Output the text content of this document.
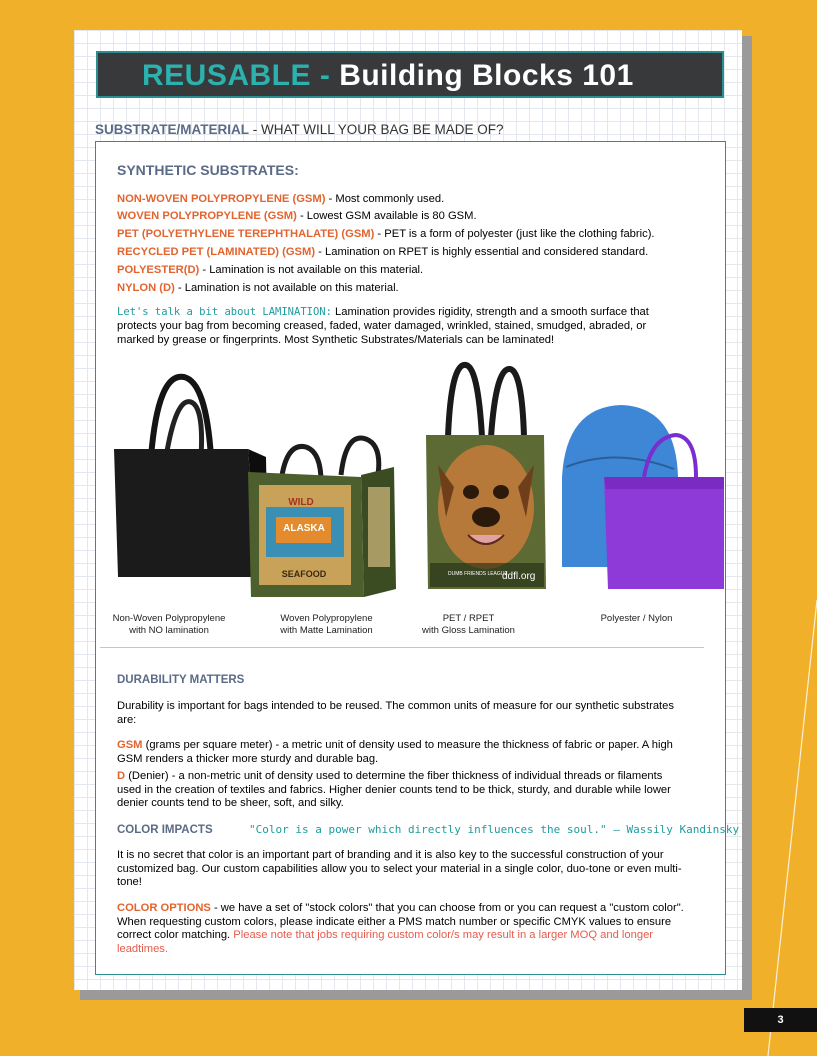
REUSABLE - Building Blocks 101
SUBSTRATE/MATERIAL - WHAT WILL YOUR BAG BE MADE OF?
SYNTHETIC SUBSTRATES:
NON-WOVEN POLYPROPYLENE (GSM) - Most commonly used.
WOVEN POLYPROPYLENE (GSM) - Lowest GSM available is 80 GSM.
PET (POLYETHYLENE TEREPHTHALATE) (GSM) - PET is a form of polyester (just like the clothing fabric).
RECYCLED PET (LAMINATED) (GSM) - Lamination on RPET is highly essential and considered standard.
POLYESTER(D) - Lamination is not available on this material.
NYLON (D) - Lamination is not available on this material.
Let's talk a bit about LAMINATION: Lamination provides rigidity, strength and a smooth surface that protects your bag from becoming creased, faded, water damaged, wrinkled, stained, smudged, abraded, or marked by grease or fingerprints. Most Synthetic Substrates/Materials can be laminated!
WILD
ALASKA
SEAFOOD	DUMB FRIENDS LEAGUE
ddfl.org
Non-Woven Polypropylene
with NO lamination
Woven Polypropylene
with Matte Lamination
PET / RPET
with Gloss Lamination
Polyester / Nylon
DURABILITY MATTERS
Durability is important for bags intended to be reused. The common units of measure for our synthetic substrates are:
GSM (grams per square meter) - a metric unit of density used to measure the thickness of fabric or paper. A high GSM renders a thicker more sturdy and durable bag.
D (Denier) - a non-metric unit of density used to determine the fiber thickness of individual threads or filaments used in the creation of textiles and fabrics. Higher denier counts tend to be thick, sturdy, and durable while lower denier counts tend to be sheer, soft, and silky.
COLOR IMPACTS	"Color is a power which directly influences the soul." – Wassily Kandinsky
It is no secret that color is an important part of branding and it is also key to the successful construction of your customized bag. Our custom capabilities allow you to select your material in a single color, duo-tone or even multi-tone!
COLOR OPTIONS - we have a set of "stock colors" that you can choose from or you can request a "custom color". When requesting custom colors, please indicate either a PMS match number or specific CMYK values to ensure correct color matching. Please note that jobs requiring custom color/s may result in a larger MOQ and longer leadtimes.
3
